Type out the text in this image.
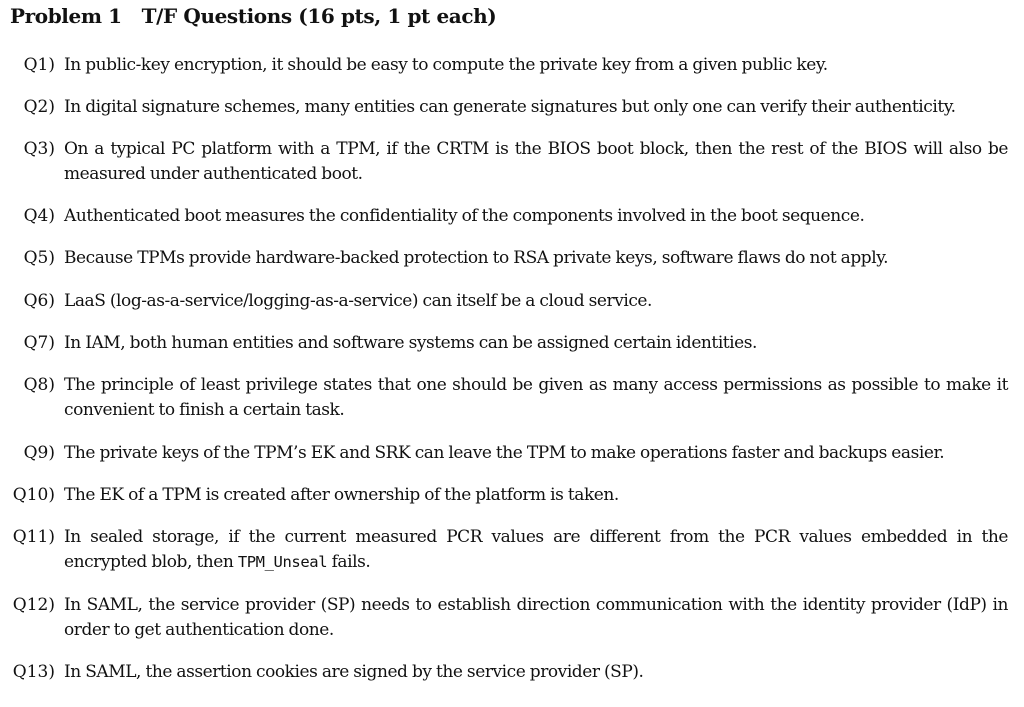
Problem 1 T/F Questions (16 pts, 1 pt each)
Q1) In public-key encryption, it should be easy to compute the private key from a given public key.
Q2) In digital signature schemes, many entities can generate signatures but only one can verify their authenticity.
Q3) On a typical PC platform with a TPM, if the CRTM is the BIOS boot block, then the rest of the BIOS will also be measured under authenticated boot.
Q4) Authenticated boot measures the confidentiality of the components involved in the boot sequence.
Q5) Because TPMs provide hardware-backed protection to RSA private keys, software flaws do not apply.
Q6) LaaS (log-as-a-service/logging-as-a-service) can itself be a cloud service.
Q7) In IAM, both human entities and software systems can be assigned certain identities.
Q8) The principle of least privilege states that one should be given as many access permissions as possible to make it convenient to finish a certain task.
Q9) The private keys of the TPM’s EK and SRK can leave the TPM to make operations faster and backups easier.
Q10) The EK of a TPM is created after ownership of the platform is taken.
Q11) In sealed storage, if the current measured PCR values are different from the PCR values embedded in the encrypted blob, then TPM_Unseal fails.
Q12) In SAML, the service provider (SP) needs to establish direction communication with the identity provider (IdP) in order to get authentication done.
Q13) In SAML, the assertion cookies are signed by the service provider (SP).
